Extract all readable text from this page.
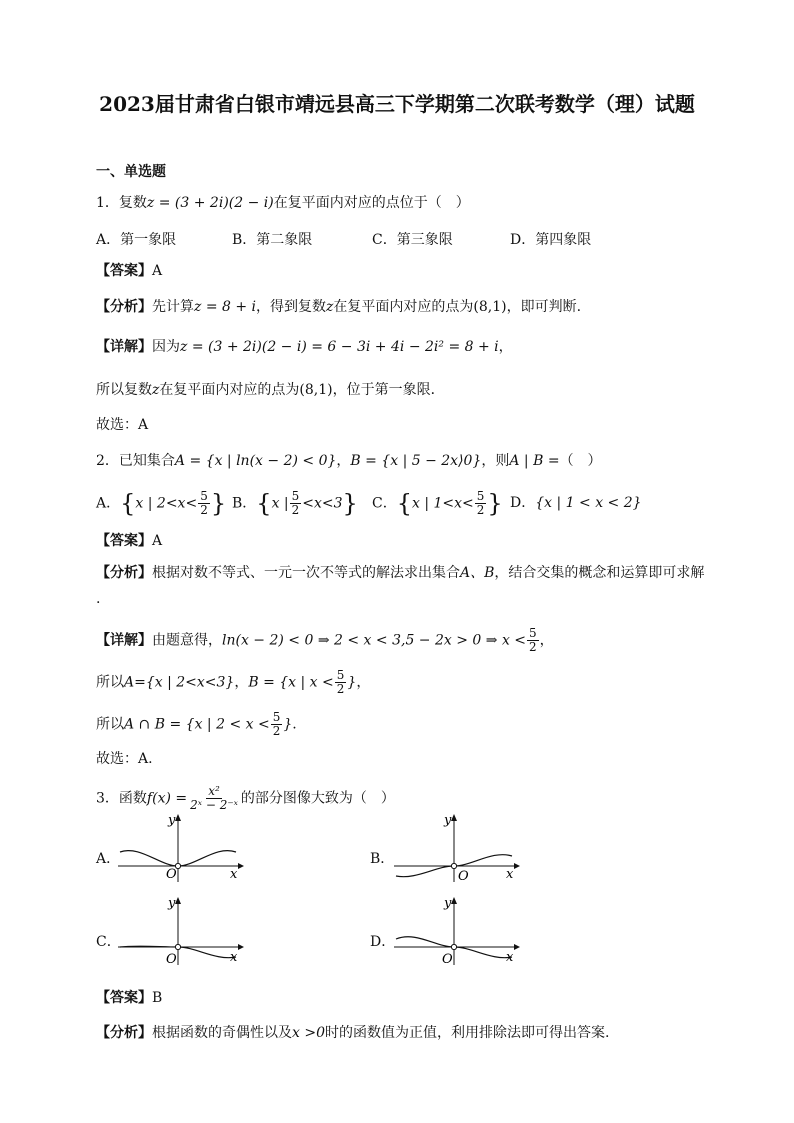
2023届甘肃省白银市靖远县高三下学期第二次联考数学（理）试题
一、单选题
1．复数z = (3 + 2i)(2 − i)在复平面内对应的点位于（　）
A．第一象限	B．第二象限	C．第三象限	D．第四象限
【答案】A
【分析】先计算z = 8 + i，得到复数z在复平面内对应的点为(8,1)，即可判断.
【详解】因为z = (3 + 2i)(2 − i) = 6 − 3i + 4i − 2i² = 8 + i，
所以复数z在复平面内对应的点为(8,1)，位于第一象限．
故选：A
2．已知集合A = {x | ln(x − 2) < 0}，B = {x | 5 − 2x⟩0}，则A | B =（　）
A．{x | $2<x< \frac{5}{2}$ } B．{x | $\frac{5}{2} <x<3$} C．{x | $1<x< \frac{5}{2}$ } D．{x | 1 < x < 2}
【答案】A
【分析】根据对数不等式、一元一次不等式的解法求出集合A、B，结合交集的概念和运算即可求解
.
【详解】由题意得，ln(x − 2) < 0 ⇒ 2 < x < 3,5 − 2x > 0 ⇒ $x < \frac{5}{2}$ ，
所以A={x | 2<x<3}，B = {x | $x < \frac{5}{2}$ }，
所以A ∩ B = {x | $2 < x < \frac{5}{2}$ }.
故选：A.
3．函数$f(x) = \frac{\text{x²}}{\text{2ˣ − 2⁻ˣ}}$ 的部分图像大致为（　）
A．
O	x
y
B．
O	x
y
C．
O	x
y
D．
O	x
y
【答案】B
【分析】根据函数的奇偶性以及x >0时的函数值为正值，利用排除法即可得出答案.
